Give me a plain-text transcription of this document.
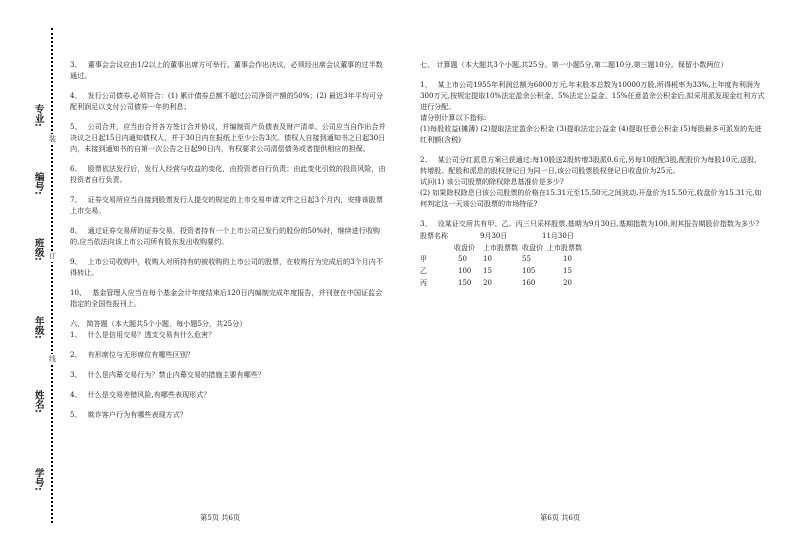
装
订
线
专业:
编号:
班级:
年级:
姓名:
学号:
3、 董事会会议应由1/2以上的董事出席方可举行。董事会作出决议，必须经出席会议董事的过半数通过。
4、 发行公司债券,必须符合：(1) 累计债券总额不超过公司净资产额的50%；(2) 最近3年平均可分配利润足以支付公司债券一年的利息；
5、 公司合并，应当由合并各方签订合并协议，并编制资产负债表及财产清单。公司应当自作出合并决议之日起15日内通知债权人，并于30日内在报纸上至少公告3次。债权人自接到通知书之日起30日内，未接到通知书的自第一次公告之日起90日内，有权要求公司清偿债务或者提供相应的担保。
6、 股票依法发行后，发行人经营与收益的变化，由投资者自行负责；由此变化引致的投资风险，由投资者自行负责。
7、 证券交易所应当自接到股票发行人提交的规定的上市交易申请文件之日起3个月内，安排该股票上市交易。
8、 通过证券交易所的证券交易，投资者持有一个上市公司已发行的股份的50%时，继续进行收购的,应当依法向该上市公司所有股东发出收购要约。
9、 上市公司收购中，收购人对所持有的被收购的上市公司的股票，在收购行为完成后的3个月内不得转让。
10、 基金管理人应当在每个基金会计年度结束后120日内编制完成年度报告，并刊登在中国证监会指定的全国性报刊上。

六、 简答题（本大题共5个小题，每小题5分，共25分）

1、 什么是信用交易？透支交易有什么危害？
2、 有形席位与无形席位有哪些区别？
3、 什么是内幕交易行为？禁止内幕交易的措施主要有哪些？
4、 什么是交易差错风险,有哪些表现形式？
5、 欺诈客户行为有哪些表现方式？

七、 计算题（本大题共3个小题,共25分。第一小题5分,第二题10分,第三题10分。保留小数两位）

1、 某上市公司1955年利润总额为6000万元,年末股本总数为10000万股,所得税率为33%,上年度有利润为300万元,按规定提取10%法定盈余公积金、5%法定公益金、15%任意盈余公积金后,拟采用派发现金红利方式进行分配。
请分别计算以下指标:
(1)每股收益(摊薄) (2)提取法定盈余公积金 (3)提取法定公益金 (4)提取任意公积金 (5)每股最多可派发的先进红利额(含税)
2、 某公司分红派息方案已获通过:每10股送2股转增3股派0.6元,另每10股配3股,配股价为每股10元,送股、转增股、配股和派息的股权登记日为同一日,该公司股票股权登记日收盘价为25元。
试问(1) 该公司股票的除权除息基准价是多少?
(2) 如果除权除息日该公司股票的价格在15.31元至15.50元之间波动,开盘价为15.50元,收盘价为15.31元,如何判定这一天该公司股票的市场特征?
3、 设某证交所共有甲、乙、丙三只采样股票,基期为9月30日,基期指数为100,则其报告期股价指数为多少?
股票名称	9月30日		11月30日	
	收盘价	上市股票数	收盘价	上市股票数
甲	50	10	55	10
乙	100	15	105	15
丙	150	20	160	20
第5页 共6页	第6页 共6页
